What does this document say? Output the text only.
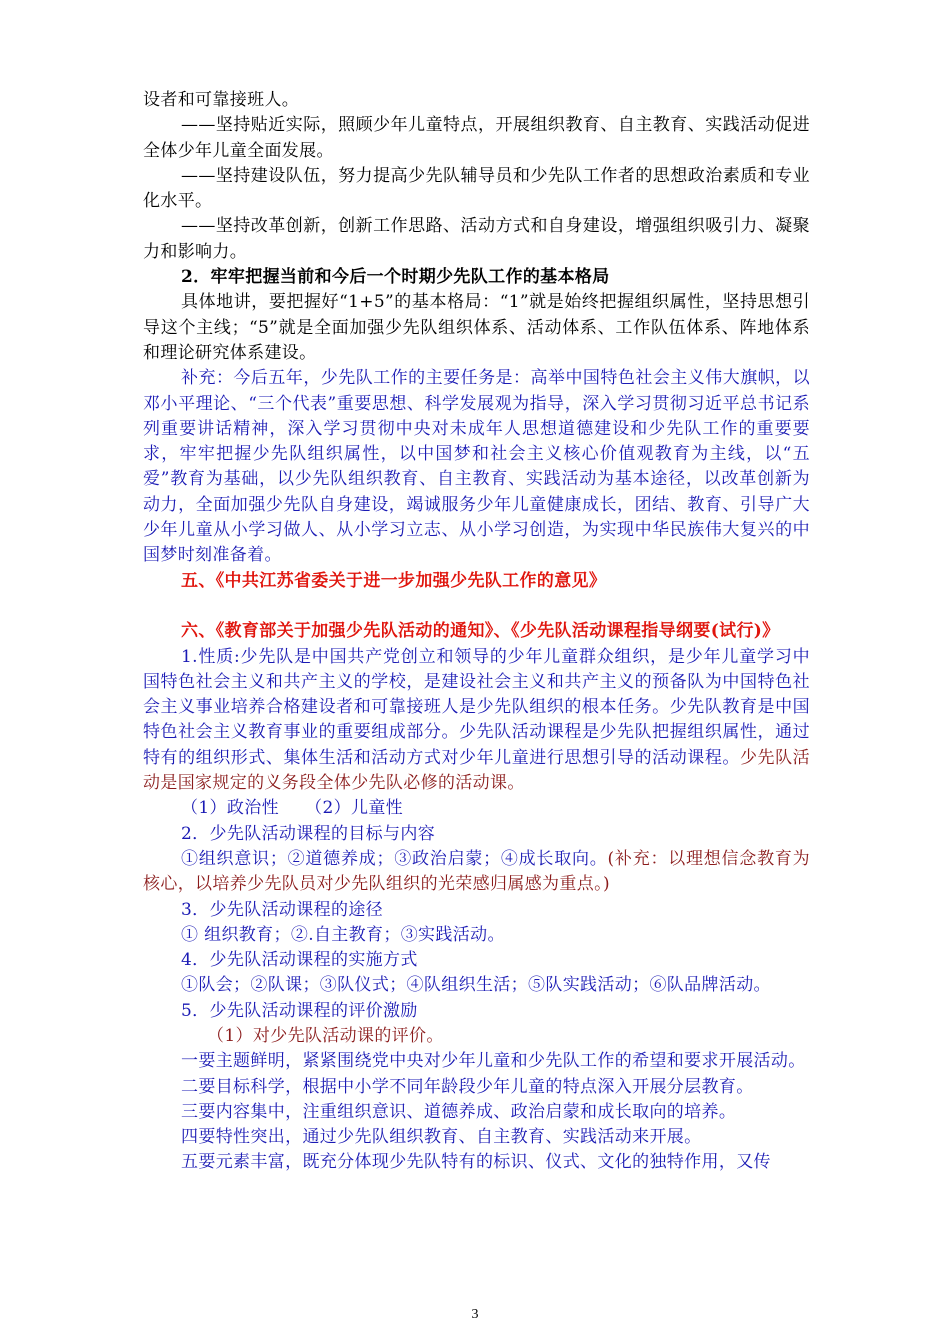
设者和可靠接班人。

——坚持贴近实际，照顾少年儿童特点，开展组织教育、自主教育、实践活动促进全体少年儿童全面发展。

——坚持建设队伍，努力提高少先队辅导员和少先队工作者的思想政治素质和专业化水平。

——坚持改革创新，创新工作思路、活动方式和自身建设，增强组织吸引力、凝聚力和影响力。

2．牢牢把握当前和今后一个时期少先队工作的基本格局

具体地讲，要把握好“1+5”的基本格局：“1”就是始终把握组织属性，坚持思想引导这个主线；“5”就是全面加强少先队组织体系、活动体系、工作队伍体系、阵地体系和理论研究体系建设。

补充：今后五年，少先队工作的主要任务是：高举中国特色社会主义伟大旗帜，以邓小平理论、“三个代表”重要思想、科学发展观为指导，深入学习贯彻习近平总书记系列重要讲话精神，深入学习贯彻中央对未成年人思想道德建设和少先队工作的重要要求，牢牢把握少先队组织属性，以中国梦和社会主义核心价值观教育为主线，以“五爱”教育为基础，以少先队组织教育、自主教育、实践活动为基本途径，以改革创新为动力，全面加强少先队自身建设，竭诚服务少年儿童健康成长，团结、教育、引导广大少年儿童从小学习做人、从小学习立志、从小学习创造，为实现中华民族伟大复兴的中国梦时刻准备着。

五、《中共江苏省委关于进一步加强少先队工作的意见》

六、《教育部关于加强少先队活动的通知》、《少先队活动课程指导纲要(试行)》

1.性质:少先队是中国共产党创立和领导的少年儿童群众组织，是少年儿童学习中国特色社会主义和共产主义的学校，是建设社会主义和共产主义的预备队为中国特色社会主义事业培养合格建设者和可靠接班人是少先队组织的根本任务。少先队教育是中国特色社会主义教育事业的重要组成部分。少先队活动课程是少先队把握组织属性，通过特有的组织形式、集体生活和活动方式对少年儿童进行思想引导的活动课程。少先队活动是国家规定的义务段全体少先队必修的活动课。

（1）政治性　　（2）儿童性

2．少先队活动课程的目标与内容

①组织意识；②道德养成；③政治启蒙；④成长取向。(补充：以理想信念教育为核心，以培养少先队员对少先队组织的光荣感归属感为重点。)

3．少先队活动课程的途径

① 组织教育；②.自主教育；③实践活动。

4．少先队活动课程的实施方式

①队会；②队课；③队仪式；④队组织生活；⑤队实践活动；⑥队品牌活动。

5．少先队活动课程的评价激励

（1）对少先队活动课的评价。

一要主题鲜明，紧紧围绕党中央对少年儿童和少先队工作的希望和要求开展活动。

二要目标科学，根据中小学不同年龄段少年儿童的特点深入开展分层教育。

三要内容集中，注重组织意识、道德养成、政治启蒙和成长取向的培养。

四要特性突出，通过少先队组织教育、自主教育、实践活动来开展。

五要元素丰富，既充分体现少先队特有的标识、仪式、文化的独特作用，又传

3
